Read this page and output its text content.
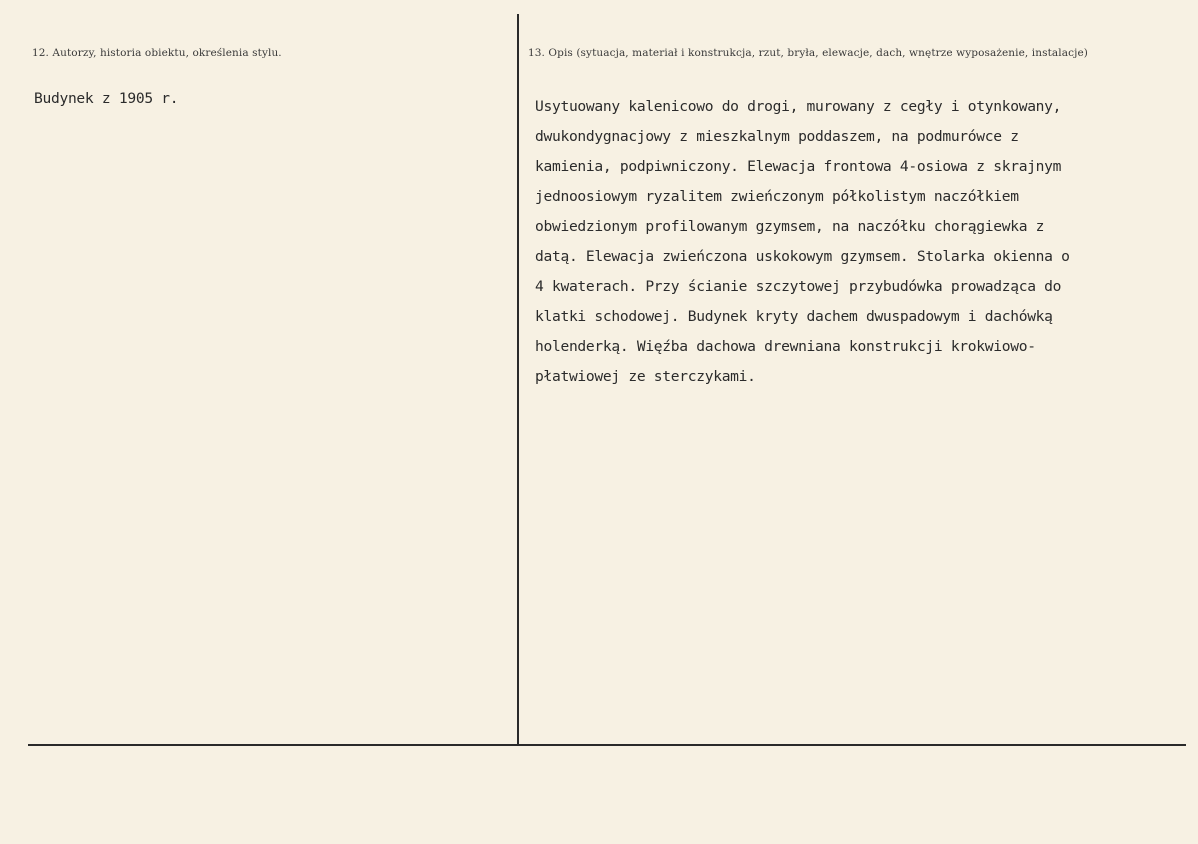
12. Autorzy, historia obiektu, określenia stylu.
Budynek z 1905 r.
13. Opis (sytuacja, materiał i konstrukcja, rzut, bryła, elewacje, dach, wnętrze wyposażenie, instalacje)
Usytuowany kalenicowo do drogi, murowany z cegły i otynkowany,
dwukondygnacjowy z mieszkalnym poddaszem, na podmurówce z
kamienia, podpiwniczony. Elewacja frontowa 4-osiowa z skrajnym
jednoosiowym ryzalitem zwieńczonym półkolistym naczółkiem
obwiedzionym profilowanym gzymsem, na naczółku chorągiewka z
datą. Elewacja zwieńczona uskokowym gzymsem. Stolarka okienna o
4 kwaterach. Przy ścianie szczytowej przybudówka prowadząca do
klatki schodowej. Budynek kryty dachem dwuspadowym i dachówką
holenderką. Więźba dachowa drewniana konstrukcji krokwiowo-
płatwiowej ze sterczykami.
